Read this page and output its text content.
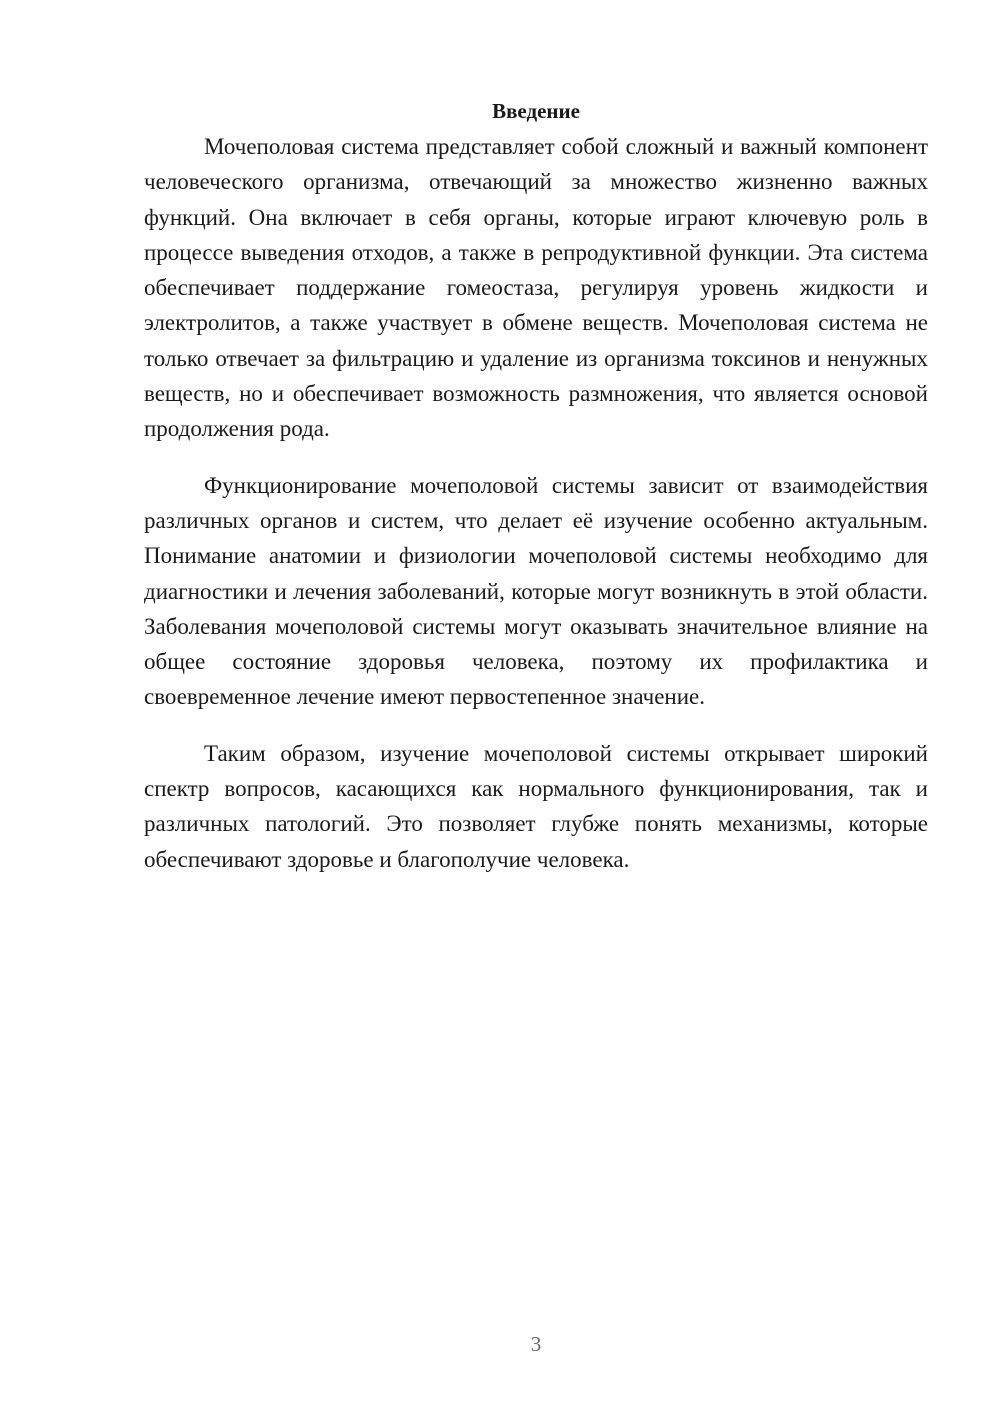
Введение

Мочеполовая система представляет собой сложный и важный компонент человеческого организма, отвечающий за множество жизненно важных функций. Она включает в себя органы, которые играют ключевую роль в процессе выведения отходов, а также в репродуктивной функции. Эта система обеспечивает поддержание гомеостаза, регулируя уровень жидкости и электролитов, а также участвует в обмене веществ. Мочеполовая система не только отвечает за фильтрацию и удаление из организма токсинов и ненужных веществ, но и обеспечивает возможность размножения, что является основой продолжения рода.

Функционирование мочеполовой системы зависит от взаимодействия различных органов и систем, что делает её изучение особенно актуальным. Понимание анатомии и физиологии мочеполовой системы необходимо для диагностики и лечения заболеваний, которые могут возникнуть в этой области. Заболевания мочеполовой системы могут оказывать значительное влияние на общее состояние здоровья человека, поэтому их профилактика и своевременное лечение имеют первостепенное значение.

Таким образом, изучение мочеполовой системы открывает широкий спектр вопросов, касающихся как нормального функционирования, так и различных патологий. Это позволяет глубже понять механизмы, которые обеспечивают здоровье и благополучие человека.

3
